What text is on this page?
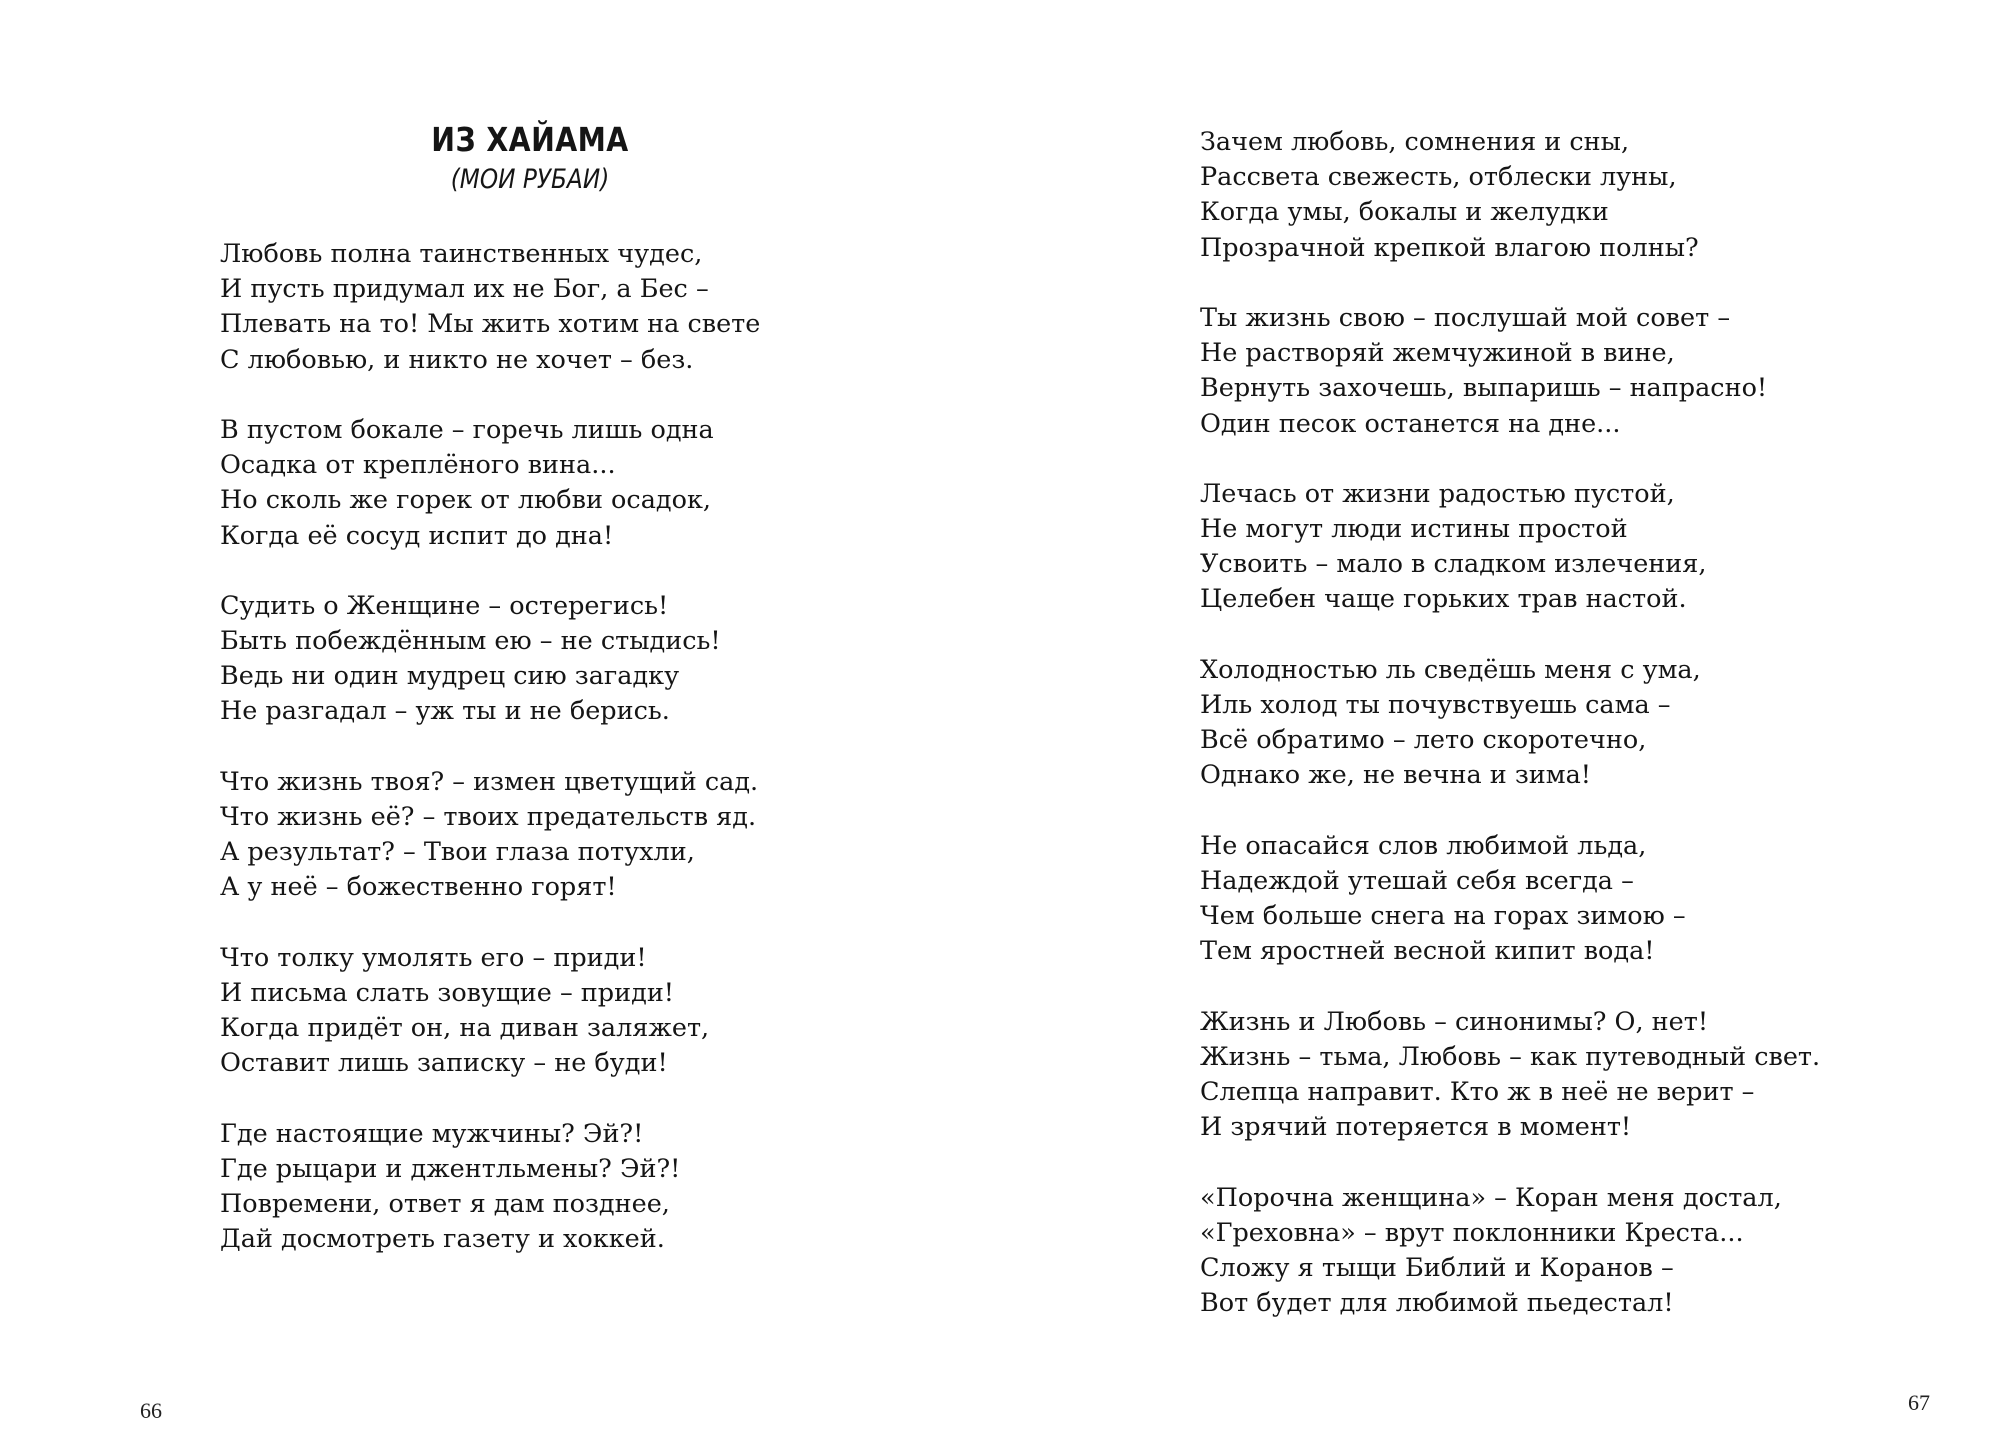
ИЗ ХАЙАМА
(МОИ РУБАИ)
Любовь полна таинственных чудес,
И пусть придумал их не Бог, а Бес –
Плевать на то! Мы жить хотим на свете
С любовью, и никто не хочет – без.
В пустом бокале – горечь лишь одна
Осадка от креплёного вина...
Но сколь же горек от любви осадок,
Когда её сосуд испит до дна!
Судить о Женщине – остерегись!
Быть побеждённым ею – не стыдись!
Ведь ни один мудрец сию загадку
Не разгадал – уж ты и не берись.
Что жизнь твоя? – измен цветущий сад.
Что жизнь её? – твоих предательств яд.
А результат? – Твои глаза потухли,
А у неё – божественно горят!
Что толку умолять его – приди!
И письма слать зовущие – приди!
Когда придёт он, на диван заляжет,
Оставит лишь записку – не буди!
Где настоящие мужчины? Эй?!
Где рыцари и джентльмены? Эй?!
Повремени, ответ я дам позднее,
Дай досмотреть газету и хоккей.
66
Зачем любовь, сомнения и сны,
Рассвета свежесть, отблески луны,
Когда умы, бокалы и желудки
Прозрачной крепкой влагою полны?
Ты жизнь свою – послушай мой совет –
Не растворяй жемчужиной в вине,
Вернуть захочешь, выпаришь – напрасно!
Один песок останется на дне...
Лечась от жизни радостью пустой,
Не могут люди истины простой
Усвоить – мало в сладком излечения,
Целебен чаще горьких трав настой.
Холодностью ль сведёшь меня с ума,
Иль холод ты почувствуешь сама –
Всё обратимо – лето скоротечно,
Однако же, не вечна и зима!
Не опасайся слов любимой льда,
Надеждой утешай себя всегда –
Чем больше снега на горах зимою –
Тем яростней весной кипит вода!
Жизнь и Любовь – синонимы? О, нет!
Жизнь – тьма, Любовь – как путеводный свет.
Слепца направит. Кто ж в неё не верит –
И зрячий потеряется в момент!
«Порочна женщина» – Коран меня достал,
«Греховна» – врут поклонники Креста...
Сложу я тыщи Библий и Коранов –
Вот будет для любимой пьедестал!
67
